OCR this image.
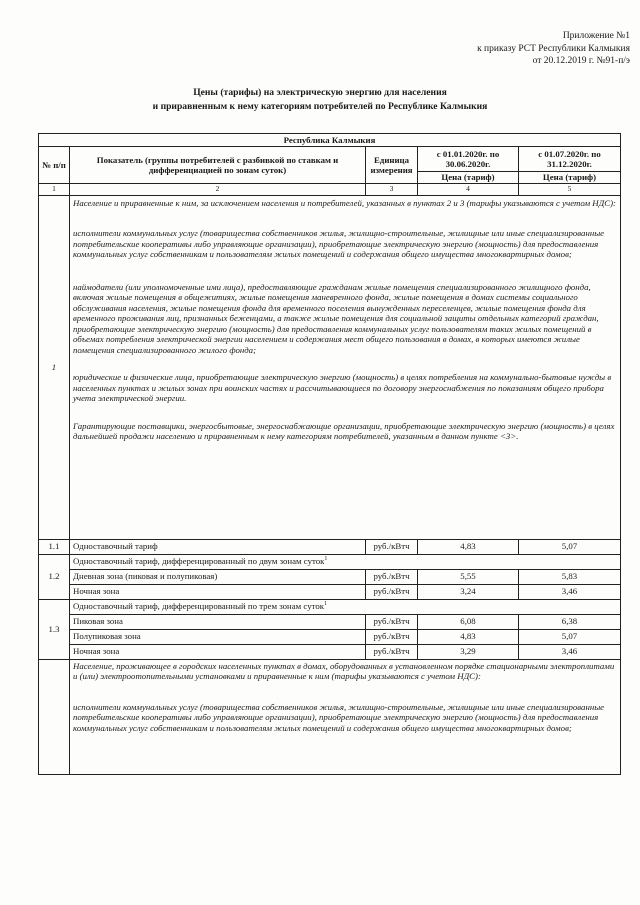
Приложение №1
к приказу РСТ Республики Калмыкия
от 20.12.2019 г. №91-п/э
Цены (тарифы) на электрическую энергию для населения
и приравненным к нему категориям потребителей по Республике Калмыкия
Республика Калмыкия				
№ п/п	Показатель (группы потребителей с разбивкой по ставкам и дифференциацией по зонам суток)	Единица измерения	с 01.01.2020г. по 30.06.2020г.	с 01.07.2020г. по 31.12.2020г.
			Цена (тариф)	Цена (тариф)
1	2	3	4	5
1	Население и приравненные к ним, за исключением населения и потребителей, указанных в пунктах 2 и 3 (тарифы указываются с учетом НДС):

исполнители коммунальных услуг (товарищества собственников жилья, жилищно-строительные, жилищные или иные специализированные потребительские кооперативы либо управляющие организации), приобретающие электрическую энергию (мощность) для предоставления коммунальных услуг собственникам и пользователям жилых помещений и содержания общего имущества многоквартирных домов;

наймодатели (или уполномоченные ими лица), предоставляющие гражданам жилые помещения специализированного жилищного фонда, включая жилые помещения в общежитиях, жилые помещения маневренного фонда, жилые помещения в домах системы социального обслуживания населения, жилые помещения фонда для временного поселения вынужденных переселенцев, жилые помещения фонда для временного проживания лиц, признанных беженцами, а также жилые помещения для социальной защиты отдельных категорий граждан, приобретающие электрическую энергию (мощность) для предоставления коммунальных услуг пользователям таких жилых помещений в объемах потребления электрической энергии населением и содержания мест общего пользования в домах, в которых имеются жилые помещения специализированного жилого фонда;

юридические и физические лица, приобретающие электрическую энергию (мощность) в целях потребления на коммунально-бытовые нужды в населенных пунктах и жилых зонах при воинских частях и рассчитывающиеся по договору энергоснабжения по показаниям общего прибора учета электрической энергии.

Гарантирующие поставщики, энергосбытовые, энергоснабжающие организации, приобретающие электрическую энергию (мощность) в целях дальнейшей продажи населению и приравненным к нему категориям потребителей, указанным в данном пункте <3>.			

1.1	Одноставочный тариф	руб./кВтч	4,83	5,07
1.2	Одноставочный тариф, дифференцированный по двум зонам суток$^1$
	Дневная зона (пиковая и полупиковая)	руб./кВтч	5,55	5,83
	Ночная зона	руб./кВтч	3,24	3,46
1.3	Одноставочный тариф, дифференцированный по трем зонам суток$^1$
	Пиковая зона	руб./кВтч	6,08	6,38
	Полупиковая зона	руб./кВтч	4,83	5,07
	Ночная зона	руб./кВтч	3,29	3,46

	Население, проживающее в городских населенных пунктах в домах, оборудованных в установленном порядке стационарными электроплитами и (или) электроотопительными установками и приравненные к ним (тарифы указываются с учетом НДС):

исполнители коммунальных услуг (товарищества собственников жилья, жилищно-строительные, жилищные или иные специализированные потребительские кооперативы либо управляющие организации), приобретающие электрическую энергию (мощность) для предоставления коммунальных услуг собственникам и пользователям жилых помещений и содержания общего имущества многоквартирных домов;			
